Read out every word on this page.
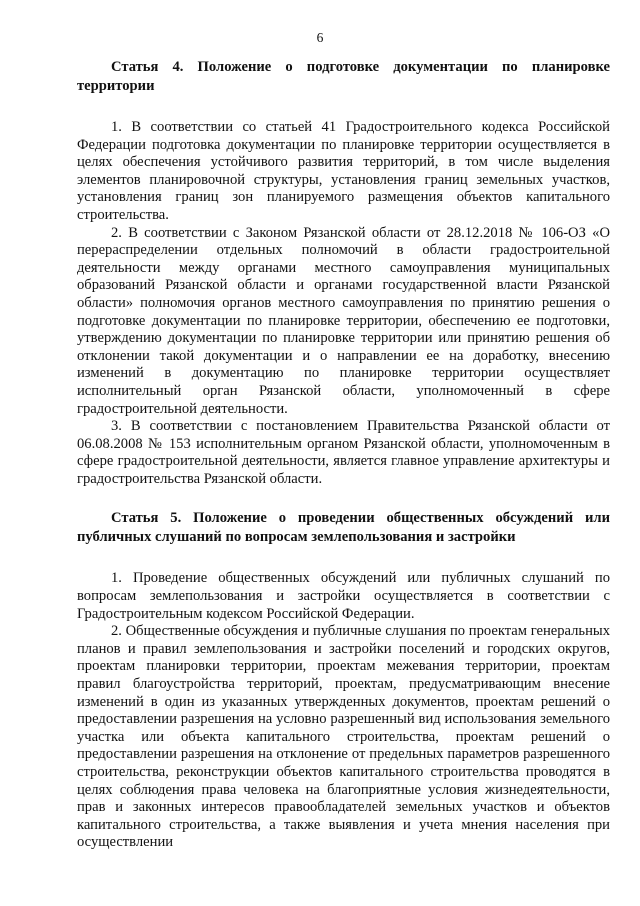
6

Статья 4. Положение о подготовке документации по планировке территории

1. В соответствии со статьей 41 Градостроительного кодекса Российской Федерации подготовка документации по планировке территории осуществляется в целях обеспечения устойчивого развития территорий, в том числе выделения элементов планировочной структуры, установления границ земельных участков, установления границ зон планируемого размещения объектов капитального строительства.

2. В соответствии с Законом Рязанской области от 28.12.2018 № 106-ОЗ «О перераспределении отдельных полномочий в области градостроительной деятельности между органами местного самоуправления муниципальных образований Рязанской области и органами государственной власти Рязанской области» полномочия органов местного самоуправления по принятию решения о подготовке документации по планировке территории, обеспечению ее подготовки, утверждению документации по планировке территории или принятию решения об отклонении такой документации и о направлении ее на доработку, внесению изменений в документацию по планировке территории осуществляет исполнительный орган Рязанской области, уполномоченный в сфере градостроительной деятельности.

3. В соответствии с постановлением Правительства Рязанской области от 06.08.2008 № 153 исполнительным органом Рязанской области, уполномоченным в сфере градостроительной деятельности, является главное управление архитектуры и градостроительства Рязанской области.

Статья 5. Положение о проведении общественных обсуждений или публичных слушаний по вопросам землепользования и застройки

1. Проведение общественных обсуждений или публичных слушаний по вопросам землепользования и застройки осуществляется в соответствии с Градостроительным кодексом Российской Федерации.

2. Общественные обсуждения и публичные слушания по проектам генеральных планов и правил землепользования и застройки поселений и городских округов, проектам планировки территории, проектам межевания территории, проектам правил благоустройства территорий, проектам, предусматривающим внесение изменений в один из указанных утвержденных документов, проектам решений о предоставлении разрешения на условно разрешенный вид использования земельного участка или объекта капитального строительства, проектам решений о предоставлении разрешения на отклонение от предельных параметров разрешенного строительства, реконструкции объектов капитального строительства проводятся в целях соблюдения права человека на благоприятные условия жизнедеятельности, прав и законных интересов правообладателей земельных участков и объектов капитального строительства, а также выявления и учета мнения населения при осуществлении
